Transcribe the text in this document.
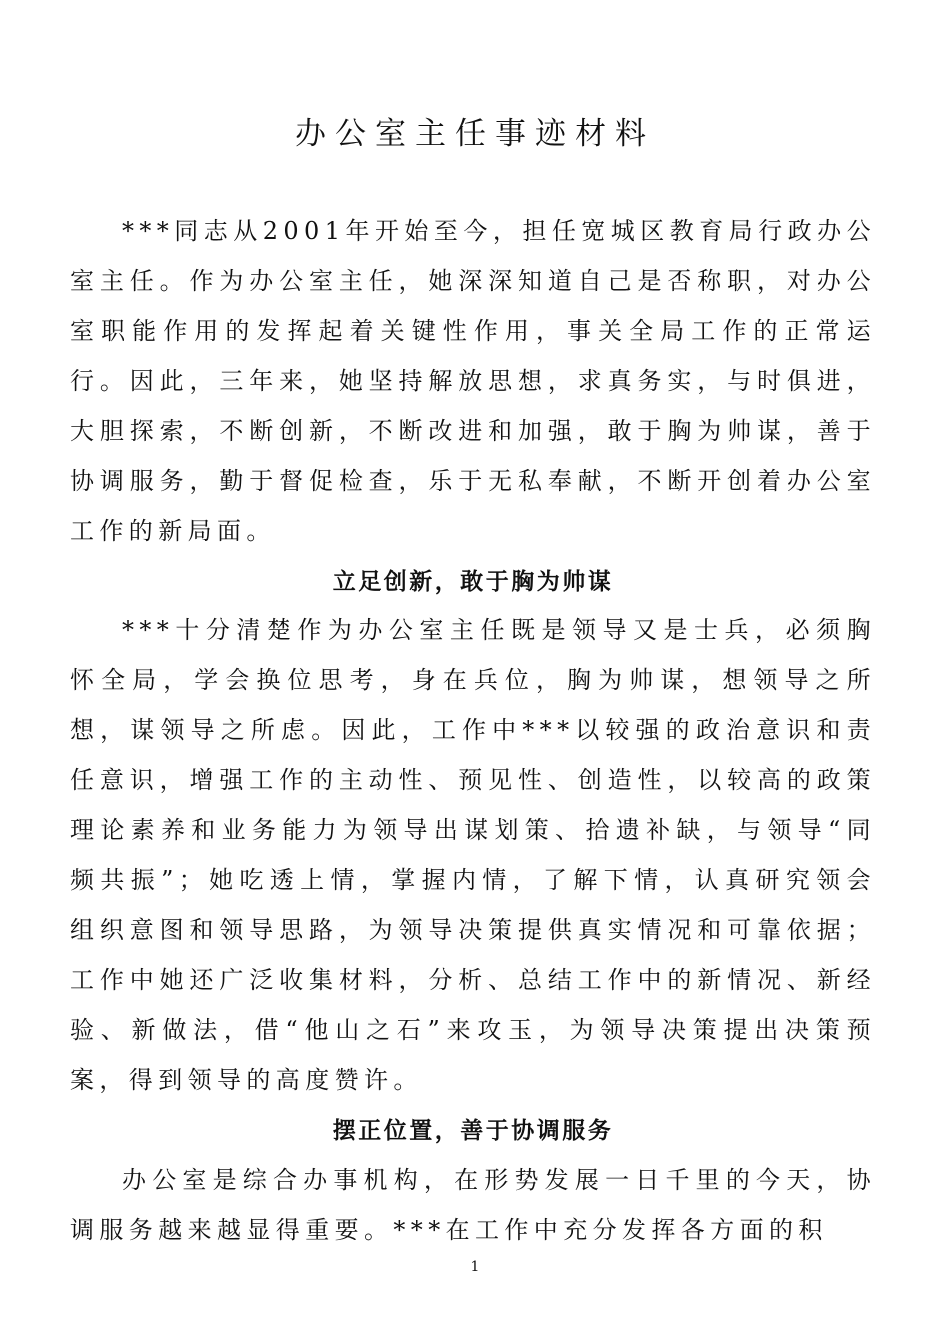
办公室主任事迹材料

***同志从2001年开始至今，担任宽城区教育局行政办公室主任。作为办公室主任，她深深知道自己是否称职，对办公室职能作用的发挥起着关键性作用，事关全局工作的正常运行。因此，三年来，她坚持解放思想，求真务实，与时俱进，大胆探索，不断创新，不断改进和加强，敢于胸为帅谋，善于协调服务，勤于督促检查，乐于无私奉献，不断开创着办公室工作的新局面。

立足创新，敢于胸为帅谋

***十分清楚作为办公室主任既是领导又是士兵，必须胸怀全局，学会换位思考，身在兵位，胸为帅谋，想领导之所想，谋领导之所虑。因此，工作中***以较强的政治意识和责任意识，增强工作的主动性、预见性、创造性，以较高的政策理论素养和业务能力为领导出谋划策、拾遗补缺，与领导“同频共振”；她吃透上情，掌握内情，了解下情，认真研究领会组织意图和领导思路，为领导决策提供真实情况和可靠依据；工作中她还广泛收集材料，分析、总结工作中的新情况、新经验、新做法，借“他山之石”来攻玉，为领导决策提出决策预案，得到领导的高度赞许。

摆正位置，善于协调服务

办公室是综合办事机构，在形势发展一日千里的今天，协调服务越来越显得重要。***在工作中充分发挥各方面的积

1
